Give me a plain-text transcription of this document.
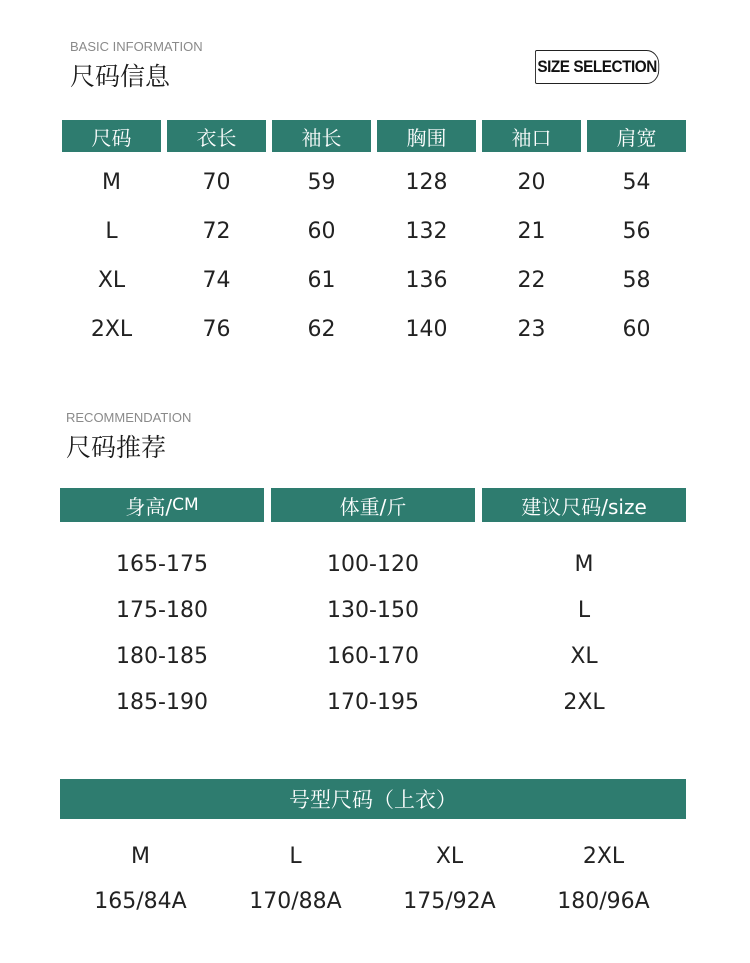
BASIC INFORMATION
尺码信息	SIZE SELECTION
尺码	衣长	袖长	胸围	袖口	肩宽
M	70	59	128	20	54
L	72	60	132	21	56
XL	74	61	136	22	58
2XL	76	62	140	23	60
RECOMMENDATION
尺码推荐
身高/ CM	体重/斤	建议尺码/size
165-175	100-120	M
175-180	130-150	L
180-185	160-170	XL
185-190	170-195	2XL
号型尺码（上衣）
M	L	XL	2XL
165/84A	170/88A	175/92A	180/96A
